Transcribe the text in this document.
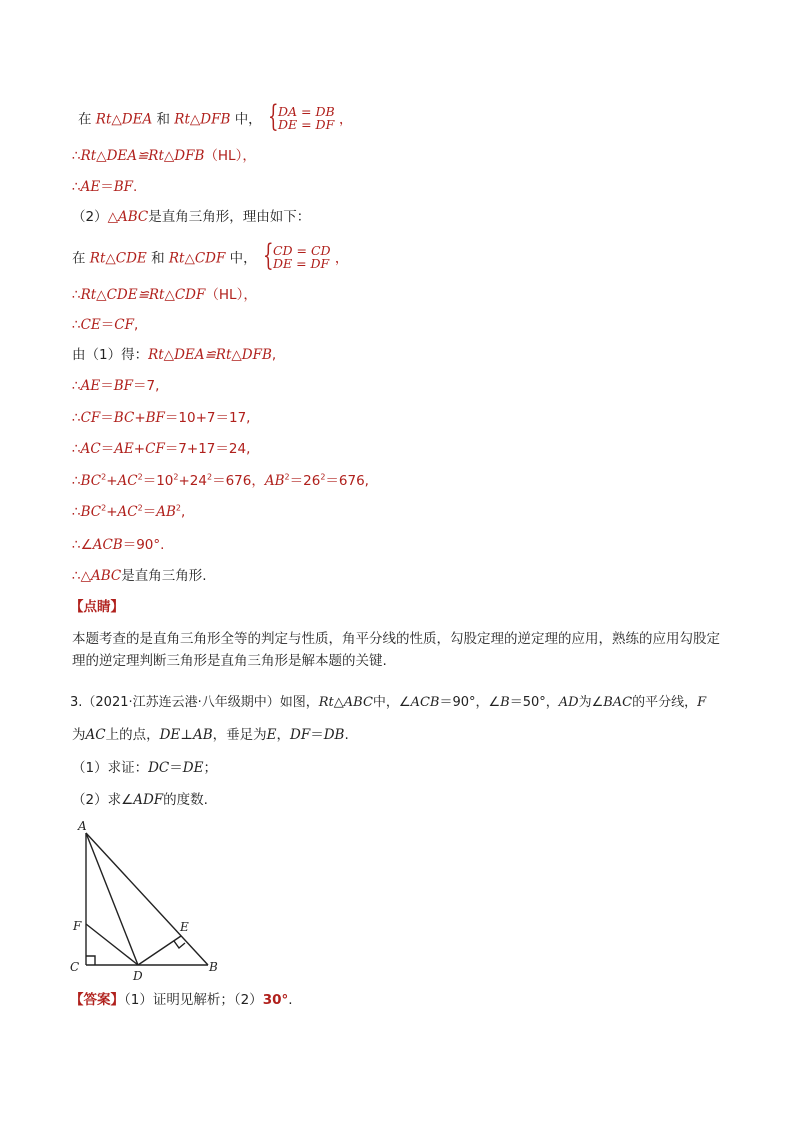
在 Rt△DEA 和 Rt△DFB 中， { DA = DB
DE = DF ，
∴Rt△DEA≌Rt△DFB（HL），
∴AE＝BF.
（2）△ABC是直角三角形，理由如下：
在 Rt△CDE 和 Rt△CDF 中， { CD = CD
DE = DF ，
∴Rt△CDE≌Rt△CDF（HL），
∴CE＝CF,
由（1）得：Rt△DEA≌Rt△DFB,
∴AE＝BF＝7,
∴CF＝BC+BF＝10+7＝17,
∴AC＝AE+CF＝7+17＝24,
$\therefore BC^2+AC^2=10^2+24^2=676$，$AB^2=26^2=676$,
$\therefore BC^2+AC^2=AB^2$,
∴∠ACB＝90°.
∴△ABC是直角三角形.
【点睛】
本题考查的是直角三角形全等的判定与性质，角平分线的性质，勾股定理的逆定理的应用，熟练的应用勾股定理的逆定理判断三角形是直角三角形是解本题的关键.
3.（2021·江苏连云港·八年级期中）如图，Rt△ABC中，∠ACB＝90°，∠B＝50°，AD为∠BAC的平分线，F
为AC上的点，DE⊥AB，垂足为E，DF＝DB.
（1）求证：DC＝DE；
（2）求∠ADF的度数.
A
F
C
D
E
B
【答案】（1）证明见解析；（2）30°.
